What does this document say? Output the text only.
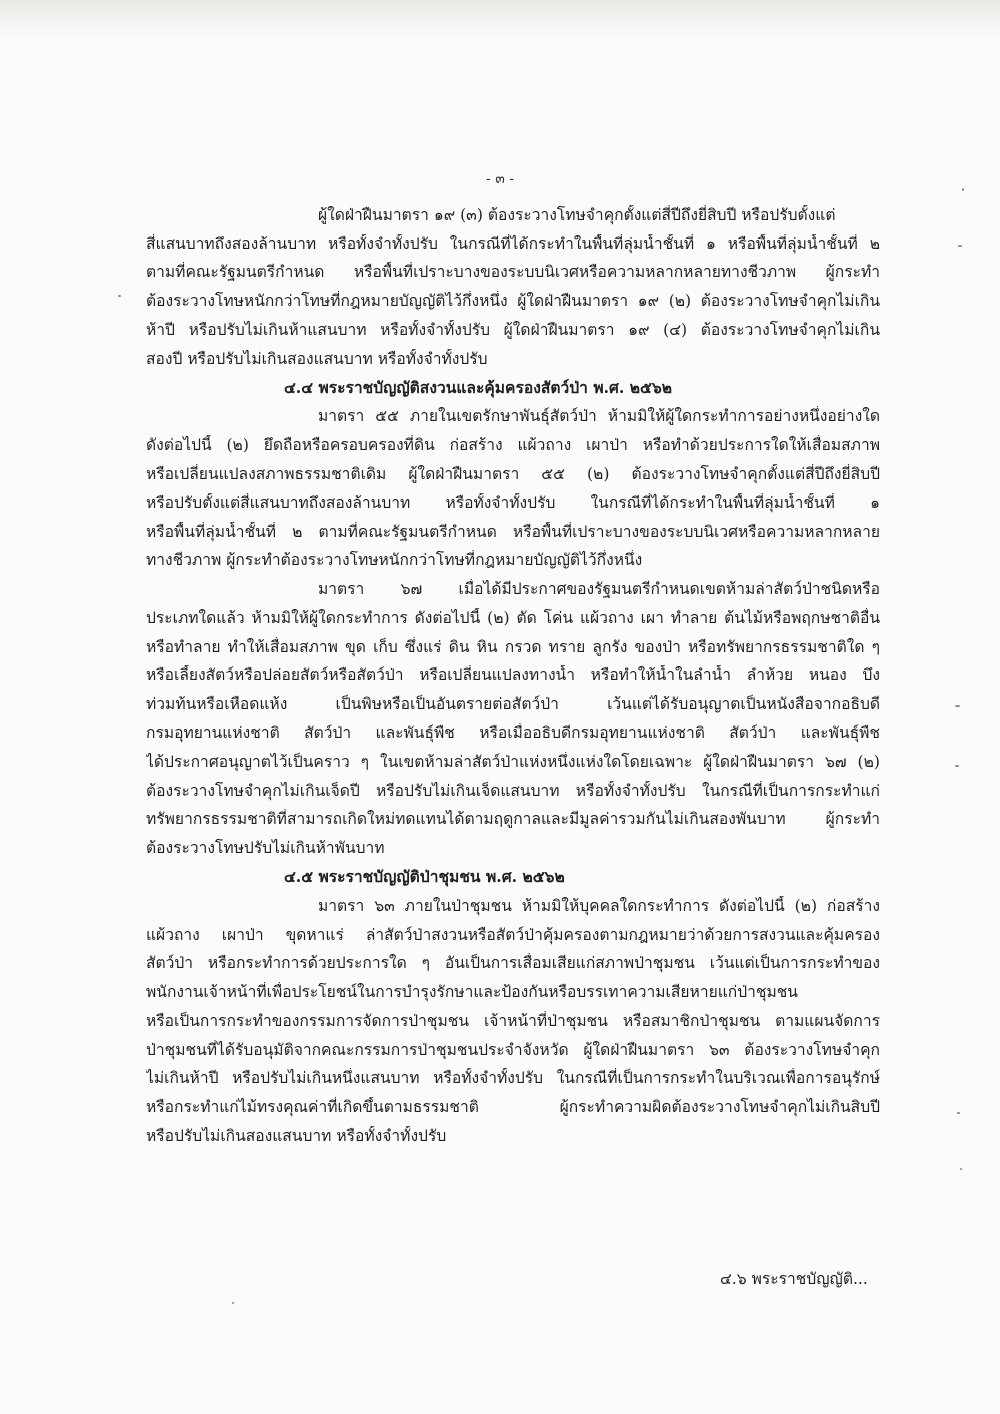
- ๓ -
ผู้ใดฝ่าฝืนมาตรา ๑๙ (๓) ต้องระวางโทษจำคุกตั้งแต่สี่ปีถึงยี่สิบปี หรือปรับตั้งแต่
สี่แสนบาทถึงสองล้านบาท หรือทั้งจำทั้งปรับ ในกรณีที่ได้กระทำในพื้นที่ลุ่มน้ำชั้นที่ ๑ หรือพื้นที่ลุ่มน้ำชั้นที่ ๒
ตามที่คณะรัฐมนตรีกำหนด หรือพื้นที่เปราะบางของระบบนิเวศหรือความหลากหลายทางชีวภาพ ผู้กระทำ
ต้องระวางโทษหนักกว่าโทษที่กฎหมายบัญญัติไว้กึ่งหนึ่ง ผู้ใดฝ่าฝืนมาตรา ๑๙ (๒) ต้องระวางโทษจำคุกไม่เกิน
ห้าปี หรือปรับไม่เกินห้าแสนบาท หรือทั้งจำทั้งปรับ ผู้ใดฝ่าฝืนมาตรา ๑๙ (๔) ต้องระวางโทษจำคุกไม่เกิน
สองปี หรือปรับไม่เกินสองแสนบาท หรือทั้งจำทั้งปรับ
๔.๔ พระราชบัญญัติสงวนและคุ้มครองสัตว์ป่า พ.ศ. ๒๕๖๒
มาตรา ๕๕ ภายในเขตรักษาพันธุ์สัตว์ป่า ห้ามมิให้ผู้ใดกระทำการอย่างหนึ่งอย่างใด
ดังต่อไปนี้ (๒) ยึดถือหรือครอบครองที่ดิน ก่อสร้าง แผ้วถาง เผาป่า หรือทำด้วยประการใดให้เสื่อมสภาพ
หรือเปลี่ยนแปลงสภาพธรรมชาติเดิม ผู้ใดฝ่าฝืนมาตรา ๕๕ (๒) ต้องระวางโทษจำคุกตั้งแต่สี่ปีถึงยี่สิบปี
หรือปรับตั้งแต่สี่แสนบาทถึงสองล้านบาท หรือทั้งจำทั้งปรับ ในกรณีที่ได้กระทำในพื้นที่ลุ่มน้ำชั้นที่ ๑
หรือพื้นที่ลุ่มน้ำชั้นที่ ๒ ตามที่คณะรัฐมนตรีกำหนด หรือพื้นที่เปราะบางของระบบนิเวศหรือความหลากหลาย
ทางชีวภาพ ผู้กระทำต้องระวางโทษหนักกว่าโทษที่กฎหมายบัญญัติไว้กึ่งหนึ่ง
มาตรา ๖๗ เมื่อได้มีประกาศของรัฐมนตรีกำหนดเขตห้ามล่าสัตว์ป่าชนิดหรือ
ประเภทใดแล้ว ห้ามมิให้ผู้ใดกระทำการ ดังต่อไปนี้ (๒) ตัด โค่น แผ้วถาง เผา ทำลาย ต้นไม้หรือพฤกษชาติอื่น
หรือทำลาย ทำให้เสื่อมสภาพ ขุด เก็บ ซึ่งแร่ ดิน หิน กรวด ทราย ลูกรัง ของป่า หรือทรัพยากรธรรมชาติใด ๆ
หรือเลี้ยงสัตว์หรือปล่อยสัตว์หรือสัตว์ป่า หรือเปลี่ยนแปลงทางน้ำ หรือทำให้น้ำในลำน้ำ ลำห้วย หนอง บึง
ท่วมท้นหรือเหือดแห้ง เป็นพิษหรือเป็นอันตรายต่อสัตว์ป่า เว้นแต่ได้รับอนุญาตเป็นหนังสือจากอธิบดี
กรมอุทยานแห่งชาติ สัตว์ป่า และพันธุ์พืช หรือเมื่ออธิบดีกรมอุทยานแห่งชาติ สัตว์ป่า และพันธุ์พืช
ได้ประกาศอนุญาตไว้เป็นคราว ๆ ในเขตห้ามล่าสัตว์ป่าแห่งหนึ่งแห่งใดโดยเฉพาะ ผู้ใดฝ่าฝืนมาตรา ๖๗ (๒)
ต้องระวางโทษจำคุกไม่เกินเจ็ดปี หรือปรับไม่เกินเจ็ดแสนบาท หรือทั้งจำทั้งปรับ ในกรณีที่เป็นการกระทำแก่
ทรัพยากรธรรมชาติที่สามารถเกิดใหม่ทดแทนได้ตามฤดูกาลและมีมูลค่ารวมกันไม่เกินสองพันบาท ผู้กระทำ
ต้องระวางโทษปรับไม่เกินห้าพันบาท
๔.๕ พระราชบัญญัติป่าชุมชน พ.ศ. ๒๕๖๒
มาตรา ๖๓ ภายในป่าชุมชน ห้ามมิให้บุคคลใดกระทำการ ดังต่อไปนี้ (๒) ก่อสร้าง
แผ้วถาง เผาป่า ขุดหาแร่ ล่าสัตว์ป่าสงวนหรือสัตว์ป่าคุ้มครองตามกฎหมายว่าด้วยการสงวนและคุ้มครอง
สัตว์ป่า หรือกระทำการด้วยประการใด ๆ อันเป็นการเสื่อมเสียแก่สภาพป่าชุมชน เว้นแต่เป็นการกระทำของ
พนักงานเจ้าหน้าที่เพื่อประโยชน์ในการบำรุงรักษาและป้องกันหรือบรรเทาความเสียหายแก่ป่าชุมชน
หรือเป็นการกระทำของกรรมการจัดการป่าชุมชน เจ้าหน้าที่ป่าชุมชน หรือสมาชิกป่าชุมชน ตามแผนจัดการ
ป่าชุมชนที่ได้รับอนุมัติจากคณะกรรมการป่าชุมชนประจำจังหวัด ผู้ใดฝ่าฝืนมาตรา ๖๓ ต้องระวางโทษจำคุก
ไม่เกินห้าปี หรือปรับไม่เกินหนึ่งแสนบาท หรือทั้งจำทั้งปรับ ในกรณีที่เป็นการกระทำในบริเวณเพื่อการอนุรักษ์
หรือกระทำแก่ไม้ทรงคุณค่าที่เกิดขึ้นตามธรรมชาติ ผู้กระทำความผิดต้องระวางโทษจำคุกไม่เกินสิบปี
หรือปรับไม่เกินสองแสนบาท หรือทั้งจำทั้งปรับ
๔.๖ พระราชบัญญัติ...
